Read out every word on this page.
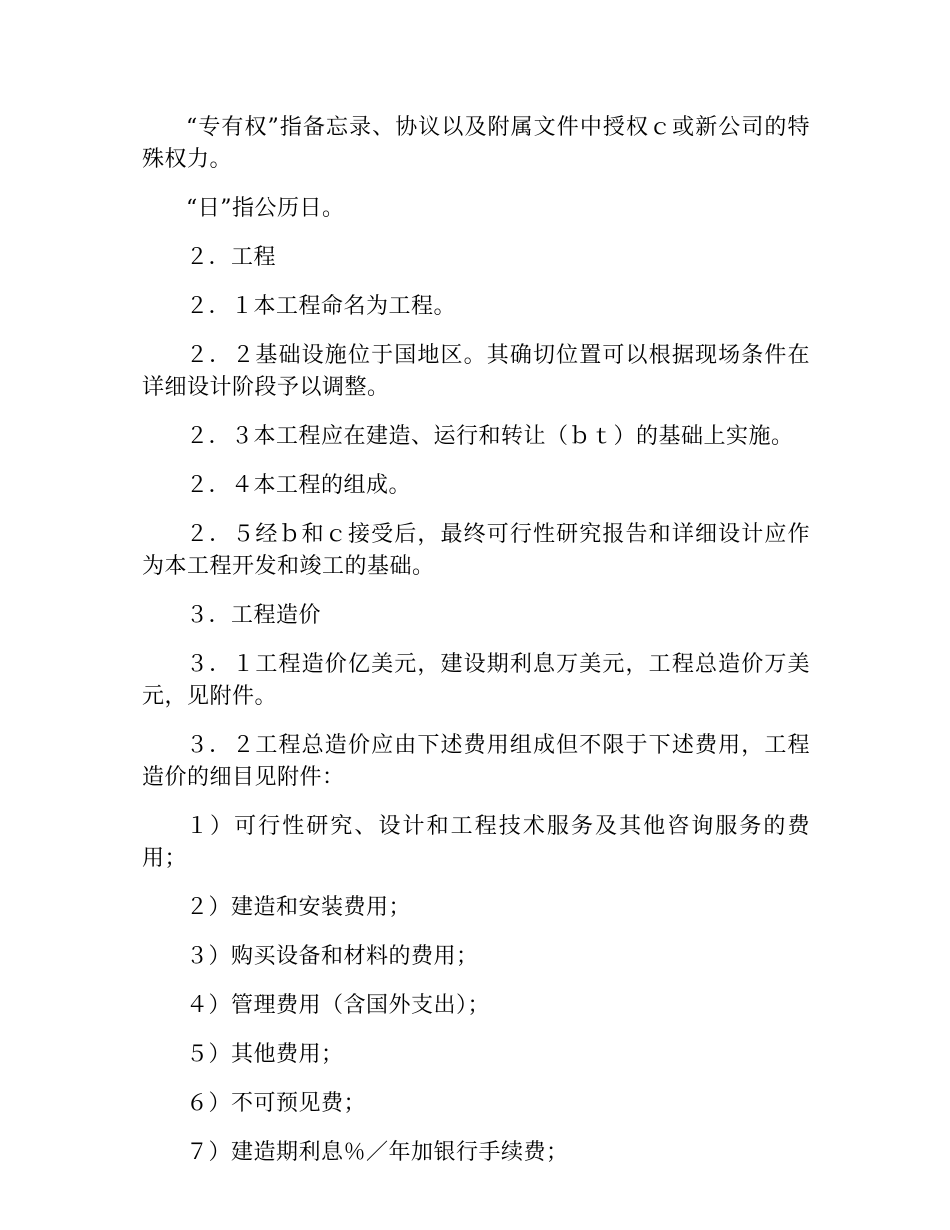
“专有权”指备忘录、协议以及附属文件中授权ｃ或新公司的特殊权力。

“日”指公历日。

２．工程

２．１本工程命名为工程。

２．２基础设施位于国地区。其确切位置可以根据现场条件在详细设计阶段予以调整。

２．３本工程应在建造、运行和转让（ｂｔ）的基础上实施。

２．４本工程的组成。

２．５经ｂ和ｃ接受后，最终可行性研究报告和详细设计应作为本工程开发和竣工的基础。

３．工程造价

３．１工程造价亿美元，建设期利息万美元，工程总造价万美元，见附件。

３．２工程总造价应由下述费用组成但不限于下述费用，工程造价的细目见附件：

１）可行性研究、设计和工程技术服务及其他咨询服务的费用；

２）建造和安装费用；

３）购买设备和材料的费用；

４）管理费用（含国外支出）；

５）其他费用；

６）不可预见费；

７）建造期利息％／年加银行手续费；
